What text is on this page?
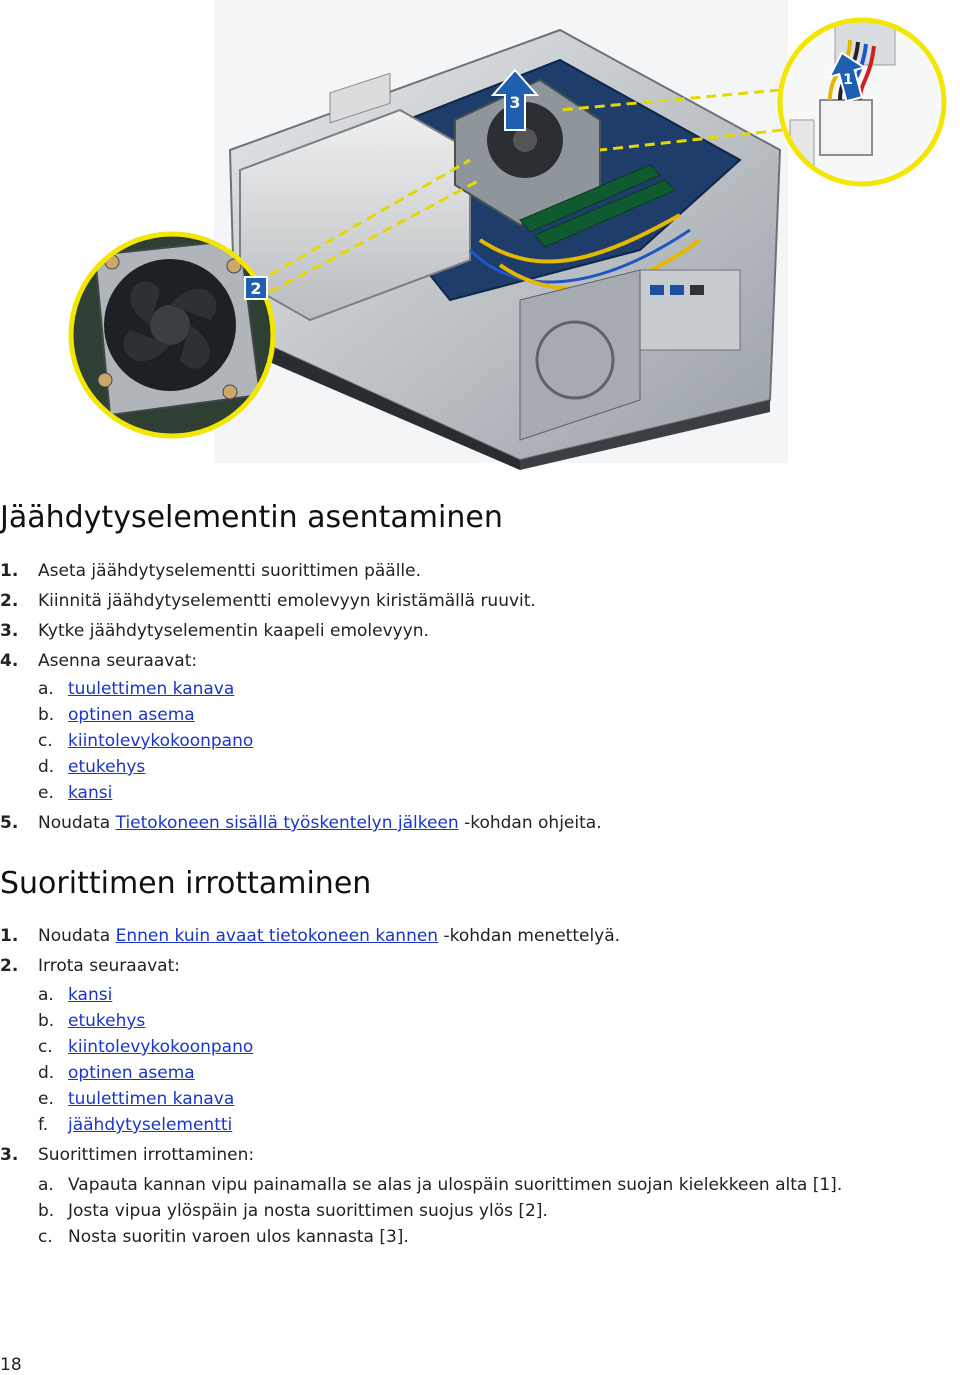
3
2
1
Jäähdytyselementin asentaminen
1.	Aseta jäähdytyselementti suorittimen päälle.
2.	Kiinnitä jäähdytyselementti emolevyyn kiristämällä ruuvit.
3.	Kytke jäähdytyselementin kaapeli emolevyyn.
4.	Asenna seuraavat:
a. tuulettimen kanava
b. optinen asema
c. kiintolevykokoonpano
d. etukehys
e. kansi
5.	Noudata Tietokoneen sisällä työskentelyn jälkeen -kohdan ohjeita.
Suorittimen irrottaminen
1.	Noudata Ennen kuin avaat tietokoneen kannen -kohdan menettelyä.
2.	Irrota seuraavat:
a. kansi
b. etukehys
c. kiintolevykokoonpano
d. optinen asema
e. tuulettimen kanava
f.	jäähdytyselementti
3.	Suorittimen irrottaminen:
a. Vapauta kannan vipu painamalla se alas ja ulospäin suorittimen suojan kielekkeen alta [1].
b. Josta vipua ylöspäin ja nosta suorittimen suojus ylös [2].
c. Nosta suoritin varoen ulos kannasta [3].
18
